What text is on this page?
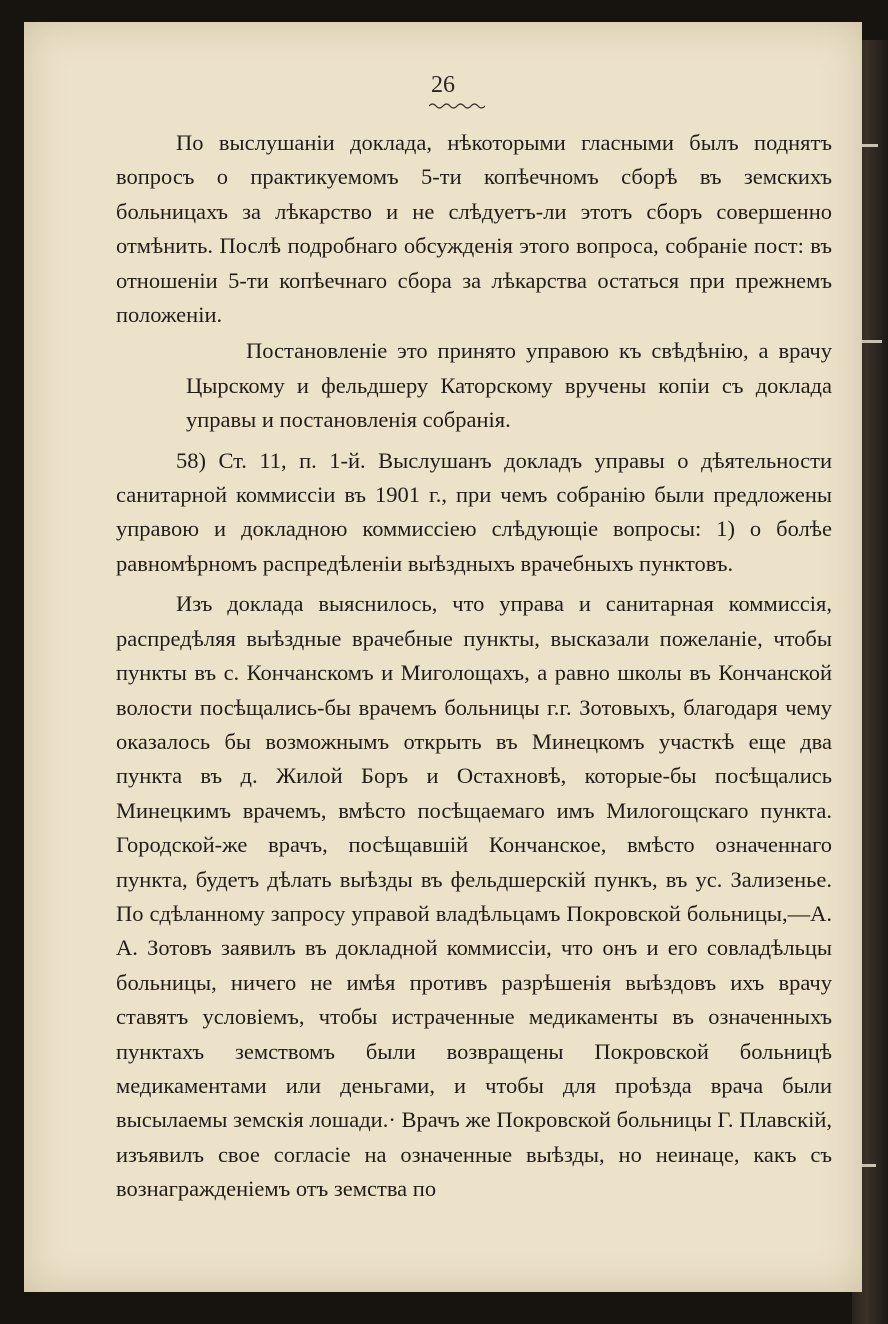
26

По выслушаніи доклада, нѣкоторыми гласными былъ поднятъ вопросъ о практикуемомъ 5-ти копѣечномъ сборѣ въ земскихъ больницахъ за лѣкарство и не слѣдуетъ-ли этотъ сборъ совершенно отмѣнить. Послѣ подробнаго обсужденія этого вопроса, собраніе пост: въ отношеніи 5-ти копѣечнаго сбора за лѣкарства остаться при прежнемъ положеніи.

Постановленіе это принято управою къ свѣдѣнію, а врачу Цырскому и фельдшеру Каторскому вручены копіи съ доклада управы и постановленія собранія.

58) Ст. 11, п. 1-й. Выслушанъ докладъ управы о дѣятельности санитарной коммиссіи въ 1901 г., при чемъ собранію были предложены управою и докладною коммиссіею слѣдующіе вопросы: 1) о болѣе равномѣрномъ распредѣленіи выѣздныхъ врачебныхъ пунктовъ.

Изъ доклада выяснилось, что управа и санитарная коммиссія, распредѣляя выѣздные врачебные пункты, высказали пожеланіе, чтобы пункты въ с. Кончанскомъ и Миголощахъ, а равно школы въ Кончанской волости посѣщались-бы врачемъ больницы г.г. Зотовыхъ, благодаря чему оказалось бы возможнымъ открыть въ Минецкомъ участкѣ еще два пункта въ д. Жилой Боръ и Остахновѣ, которые-бы посѣщались Минецкимъ врачемъ, вмѣсто посѣщаемаго имъ Милогощскаго пункта. Городской-же врачъ, посѣщавшій Кончанское, вмѣсто означеннаго пункта, будетъ дѣлать выѣзды въ фельдшерскій пункъ, въ ус. Зализенье. По сдѣланному запросу управой владѣльцамъ Покровской больницы,—А. А. Зотовъ заявилъ въ докладной коммиссіи, что онъ и его совладѣльцы больницы, ничего не имѣя противъ разрѣшенія выѣздовъ ихъ врачу ставятъ условіемъ, чтобы истраченные медикаменты въ означенныхъ пунктахъ земствомъ были возвращены Покровской больницѣ медикаментами или деньгами, и чтобы для проѣзда врача были высылаемы земскія лошади.· Врачъ же Покровской больницы Г. Плавскій, изъявилъ свое согласіе на означенные выѣзды, но неинаце, какъ съ вознагражденіемъ отъ земства по
